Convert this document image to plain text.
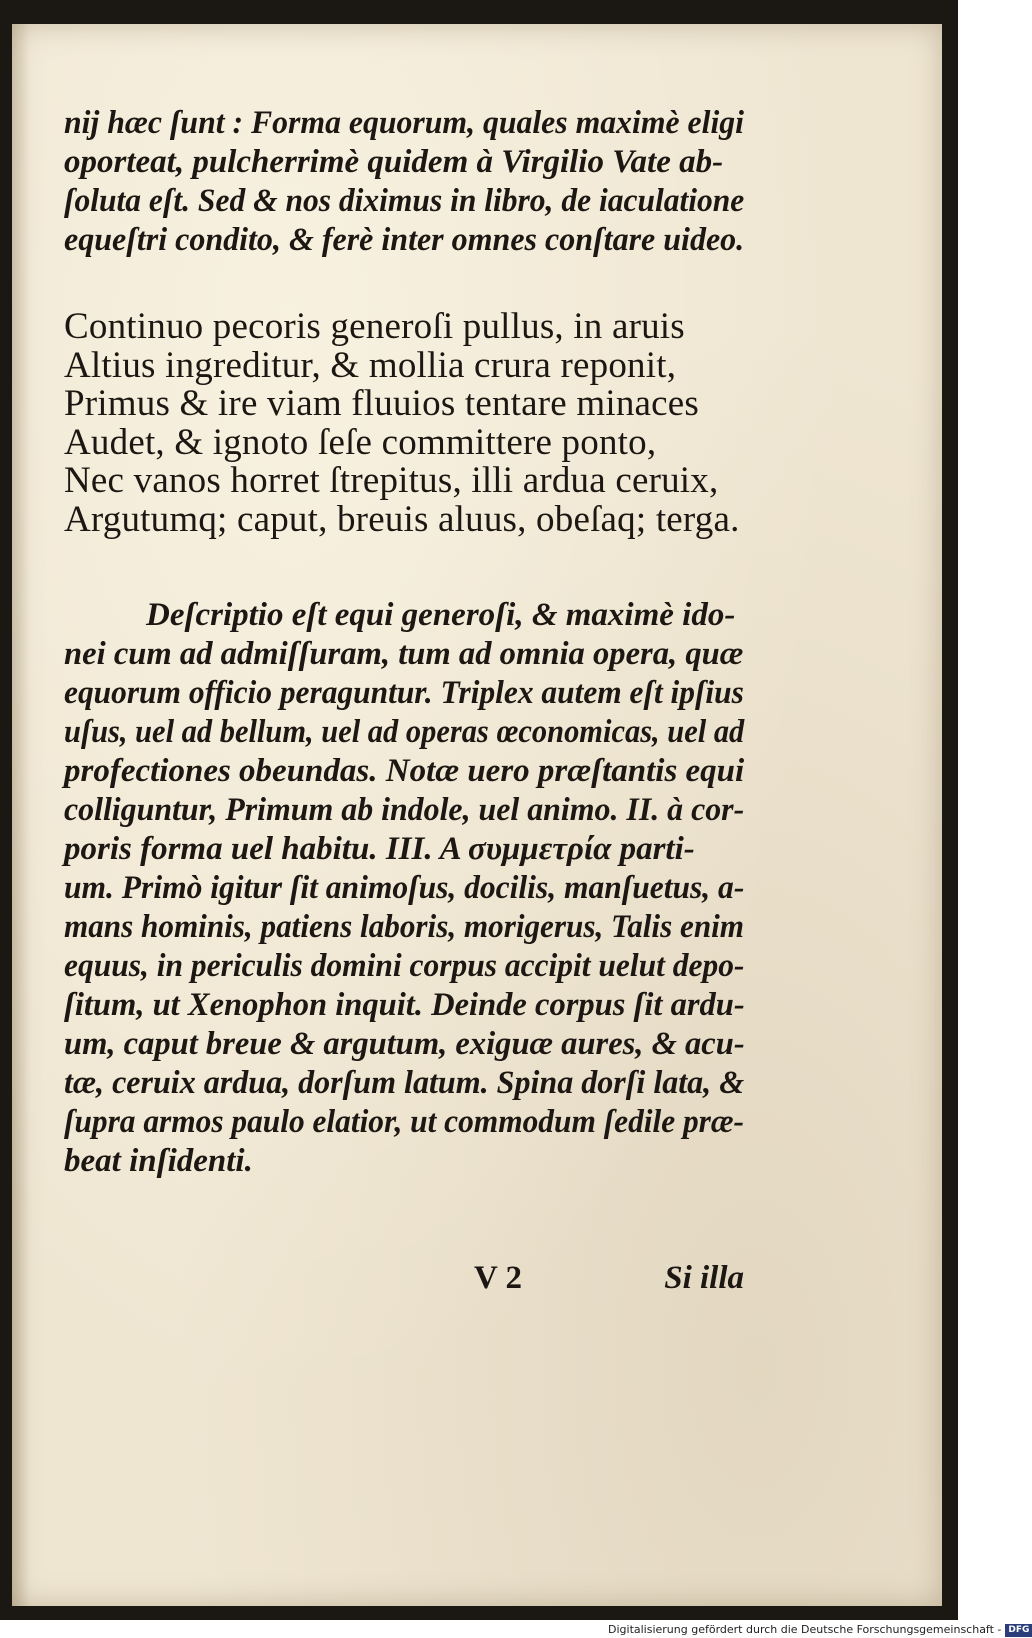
nij hæc ſunt : Forma equorum, quales maximè eligi
oporteat, pulcherrimè quidem à Virgilio Vate ab-
ſoluta eſt. Sed & nos diximus in libro, de iaculatione
equeſtri condito, & ferè inter omnes conſtare uideo.
Continuo pecoris generoſi pullus, in aruis
Altius ingreditur, & mollia crura reponit,
Primus & ire viam fluuios tentare minaces
Audet, & ignoto ſeſe committere ponto,
Nec vanos horret ſtrepitus, illi ardua ceruix,
Argutumq; caput, breuis aluus, obeſaq; terga.
Deſcriptio eſt equi generoſi, & maximè ido-
nei cum ad admiſſuram, tum ad omnia opera, quæ
equorum officio peraguntur. Triplex autem eſt ipſius
uſus, uel ad bellum, uel ad operas œconomicas, uel ad
profectiones obeundas. Notæ uero præſtantis equi
colliguntur, Primum ab indole, uel animo. II. à cor-
poris forma uel habitu. III. A συμμετρία parti-
um. Primò igitur ſit animoſus, docilis, manſuetus, a-
mans hominis, patiens laboris, morigerus, Talis enim
equus, in periculis domini corpus accipit uelut depo-
ſitum, ut Xenophon inquit. Deinde corpus ſit ardu-
um, caput breue & argutum, exiguæ aures, & acu-
tæ, ceruix ardua, dorſum latum. Spina dorſi lata, &
ſupra armos paulo elatior, ut commodum ſedile præ-
beat inſidenti.
V 2	Si illa
Digitalisierung gefördert durch die Deutsche Forschungsgemeinschaft - DFG
